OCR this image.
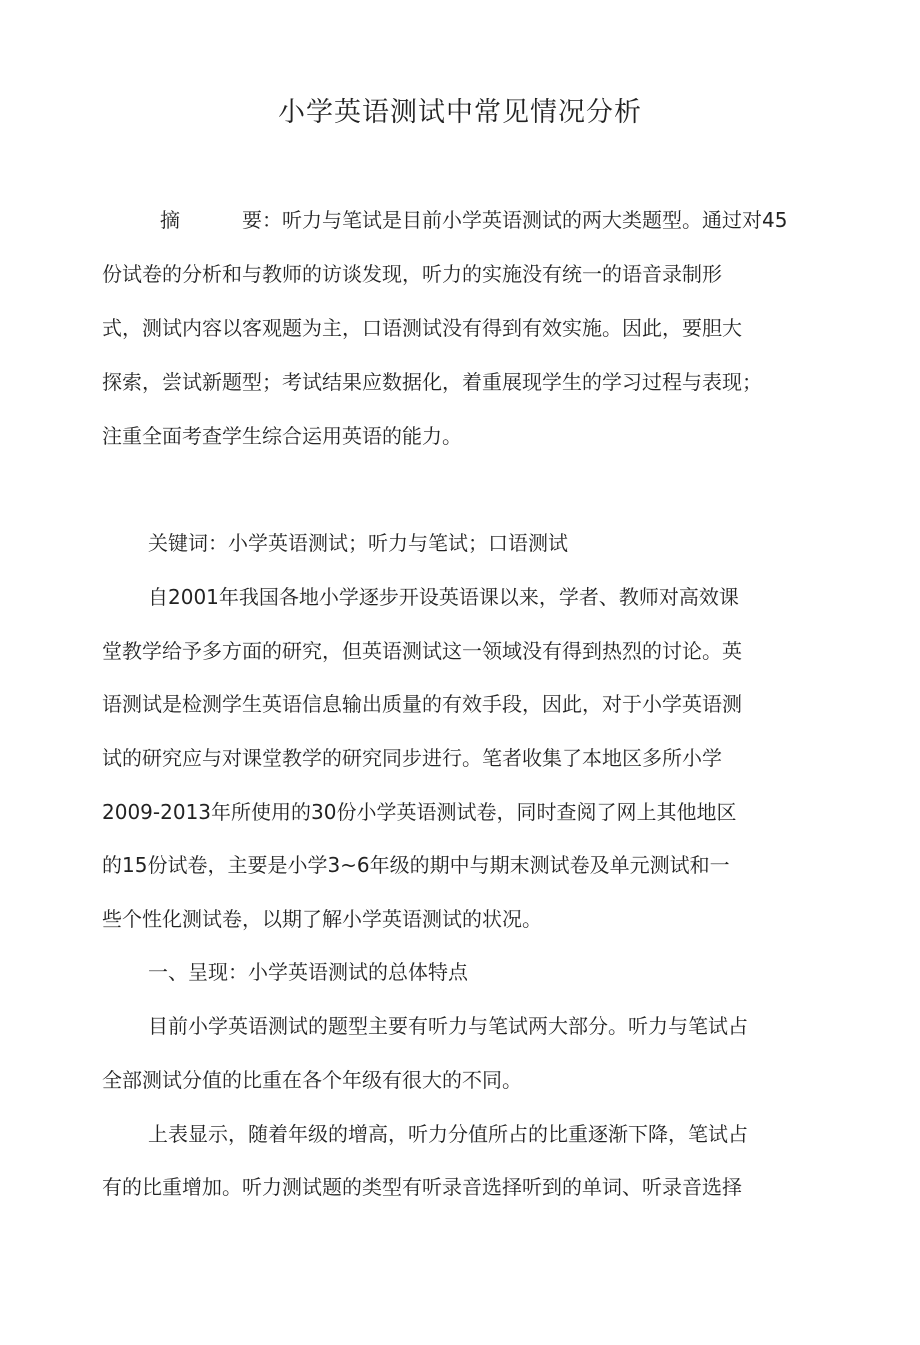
小学英语测试中常见情况分析
摘	要：听力与笔试是目前小学英语测试的两大类题型。通过对45
份试卷的分析和与教师的访谈发现，听力的实施没有统一的语音录制形
式，测试内容以客观题为主，口语测试没有得到有效实施。因此，要胆大
探索，尝试新题型；考试结果应数据化，着重展现学生的学习过程与表现；
注重全面考查学生综合运用英语的能力。
关键词：小学英语测试；听力与笔试；口语测试
自2001年我国各地小学逐步开设英语课以来，学者、教师对高效课
堂教学给予多方面的研究，但英语测试这一领域没有得到热烈的讨论。英
语测试是检测学生英语信息输出质量的有效手段，因此，对于小学英语测
试的研究应与对课堂教学的研究同步进行。笔者收集了本地区多所小学
2009-2013年所使用的30份小学英语测试卷，同时查阅了网上其他地区
的15份试卷，主要是小学3~6年级的期中与期末测试卷及单元测试和一
些个性化测试卷，以期了解小学英语测试的状况。
一、呈现：小学英语测试的总体特点
目前小学英语测试的题型主要有听力与笔试两大部分。听力与笔试占
全部测试分值的比重在各个年级有很大的不同。
上表显示，随着年级的增高，听力分值所占的比重逐渐下降，笔试占
有的比重增加。听力测试题的类型有听录音选择听到的单词、听录音选择
